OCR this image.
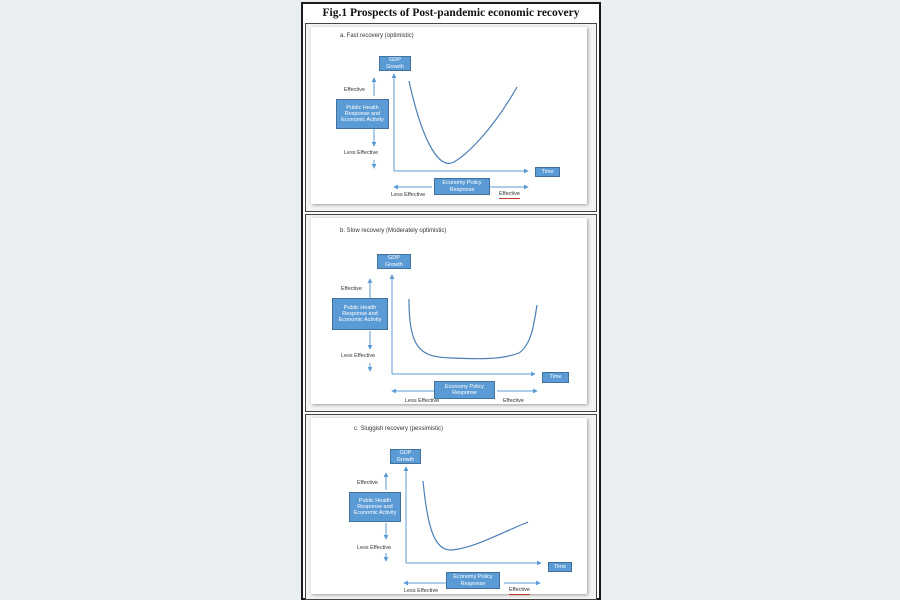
Fig.1 Prospects of Post-pandemic economic recovery
a. Fast recovery (optimistic)
GDP Growth
Public Health Response and Economic Activity
Economy Policy Response
Time
Effective
Less Effective
Less Effective	Effective
b. Slow recovery (Moderately optimistic)
GDP Growth
Public Health Response and Economic Activity
Economy Policy Response
Time
Effective
Less Effective
Less Effective	Effective
c. Sluggish recovery (pessimistic)
GDP Growth
Public Health Response and Economic Activity
Economy Policy Response
Time
Effective
Less Effective
Less Effective	Effective
